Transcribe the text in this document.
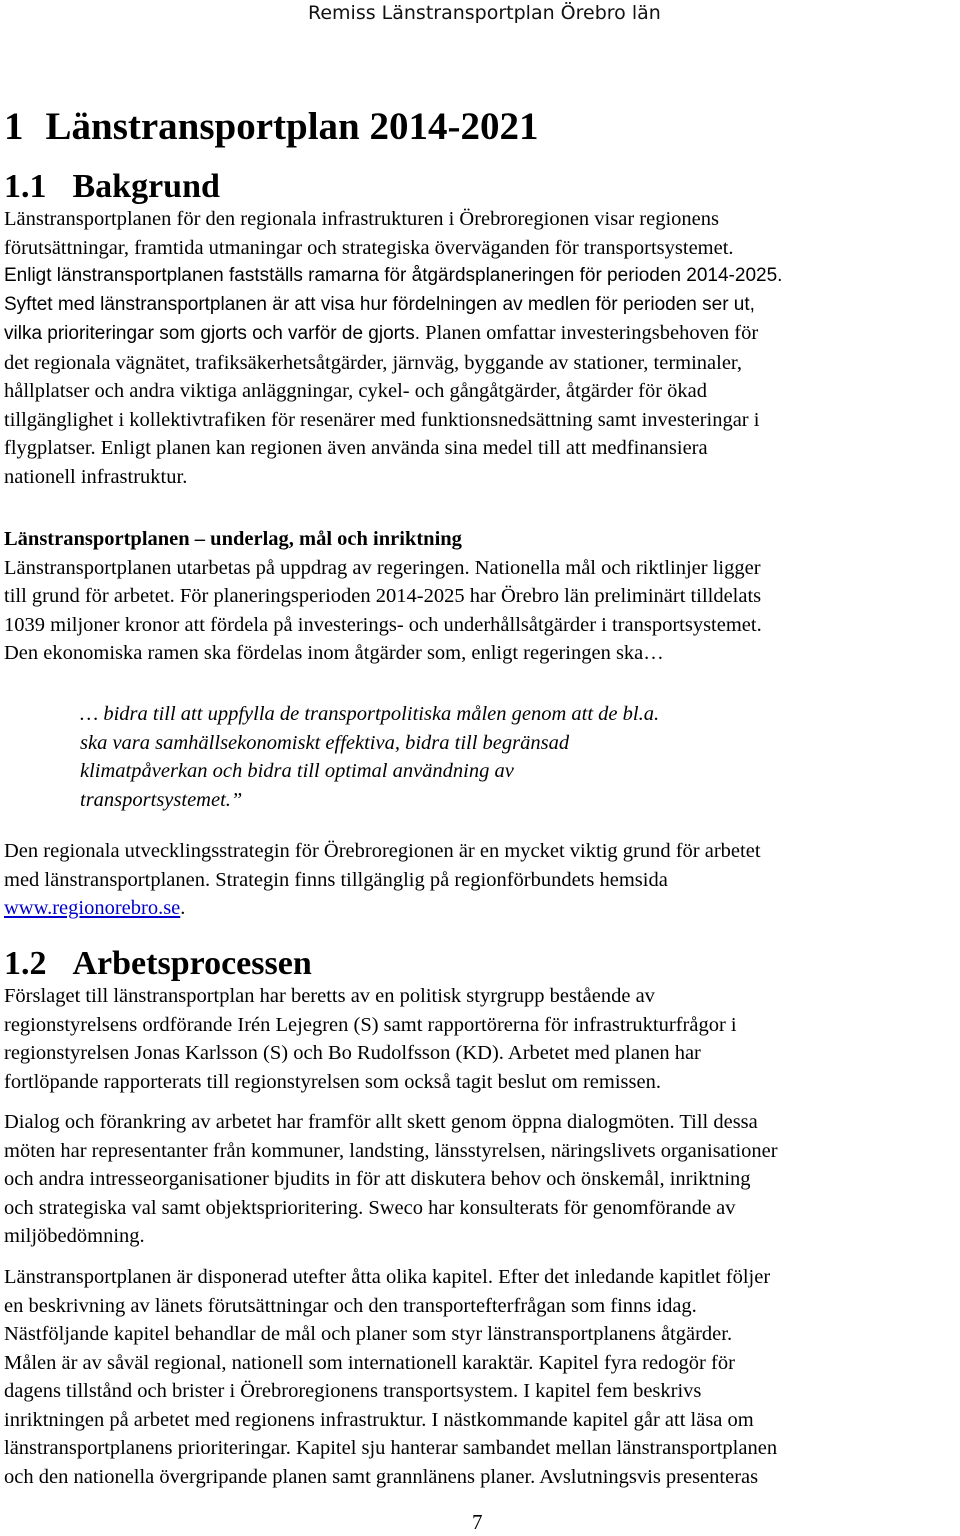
Remiss Länstransportplan Örebro län
1 Länstransportplan 2014-2021
1.1 Bakgrund
Länstransportplanen för den regionala infrastrukturen i Örebroregionen visar regionens
förutsättningar, framtida utmaningar och strategiska överväganden för transportsystemet.
Enligt länstransportplanen fastställs ramarna för åtgärdsplaneringen för perioden 2014-2025.
Syftet med länstransportplanen är att visa hur fördelningen av medlen för perioden ser ut,
vilka prioriteringar som gjorts och varför de gjorts. Planen omfattar investeringsbehoven för
det regionala vägnätet, trafiksäkerhetsåtgärder, järnväg, byggande av stationer, terminaler,
hållplatser och andra viktiga anläggningar, cykel- och gångåtgärder, åtgärder för ökad
tillgänglighet i kollektivtrafiken för resenärer med funktionsnedsättning samt investeringar i
flygplatser. Enligt planen kan regionen även använda sina medel till att medfinansiera
nationell infrastruktur.
Länstransportplanen – underlag, mål och inriktning
Länstransportplanen utarbetas på uppdrag av regeringen. Nationella mål och riktlinjer ligger
till grund för arbetet. För planeringsperioden 2014-2025 har Örebro län preliminärt tilldelats
1039 miljoner kronor att fördela på investerings- och underhållsåtgärder i transportsystemet.
Den ekonomiska ramen ska fördelas inom åtgärder som, enligt regeringen ska…
… bidra till att uppfylla de transportpolitiska målen genom att de bl.a.
ska vara samhällsekonomiskt effektiva, bidra till begränsad
klimatpåverkan och bidra till optimal användning av
transportsystemet.”
Den regionala utvecklingsstrategin för Örebroregionen är en mycket viktig grund för arbetet
med länstransportplanen. Strategin finns tillgänglig på regionförbundets hemsida
www.regionorebro.se.
1.2 Arbetsprocessen
Förslaget till länstransportplan har beretts av en politisk styrgrupp bestående av
regionstyrelsens ordförande Irén Lejegren (S) samt rapportörerna för infrastrukturfrågor i
regionstyrelsen Jonas Karlsson (S) och Bo Rudolfsson (KD). Arbetet med planen har
fortlöpande rapporterats till regionstyrelsen som också tagit beslut om remissen.
Dialog och förankring av arbetet har framför allt skett genom öppna dialogmöten. Till dessa
möten har representanter från kommuner, landsting, länsstyrelsen, näringslivets organisationer
och andra intresseorganisationer bjudits in för att diskutera behov och önskemål, inriktning
och strategiska val samt objektsprioritering. Sweco har konsulterats för genomförande av
miljöbedömning.
Länstransportplanen är disponerad utefter åtta olika kapitel. Efter det inledande kapitlet följer
en beskrivning av länets förutsättningar och den transportefterfrågan som finns idag.
Nästföljande kapitel behandlar de mål och planer som styr länstransportplanens åtgärder.
Målen är av såväl regional, nationell som internationell karaktär. Kapitel fyra redogör för
dagens tillstånd och brister i Örebroregionens transportsystem. I kapitel fem beskrivs
inriktningen på arbetet med regionens infrastruktur. I nästkommande kapitel går att läsa om
länstransportplanens prioriteringar. Kapitel sju hanterar sambandet mellan länstransportplanen
och den nationella övergripande planen samt grannlänens planer. Avslutningsvis presenteras
7
